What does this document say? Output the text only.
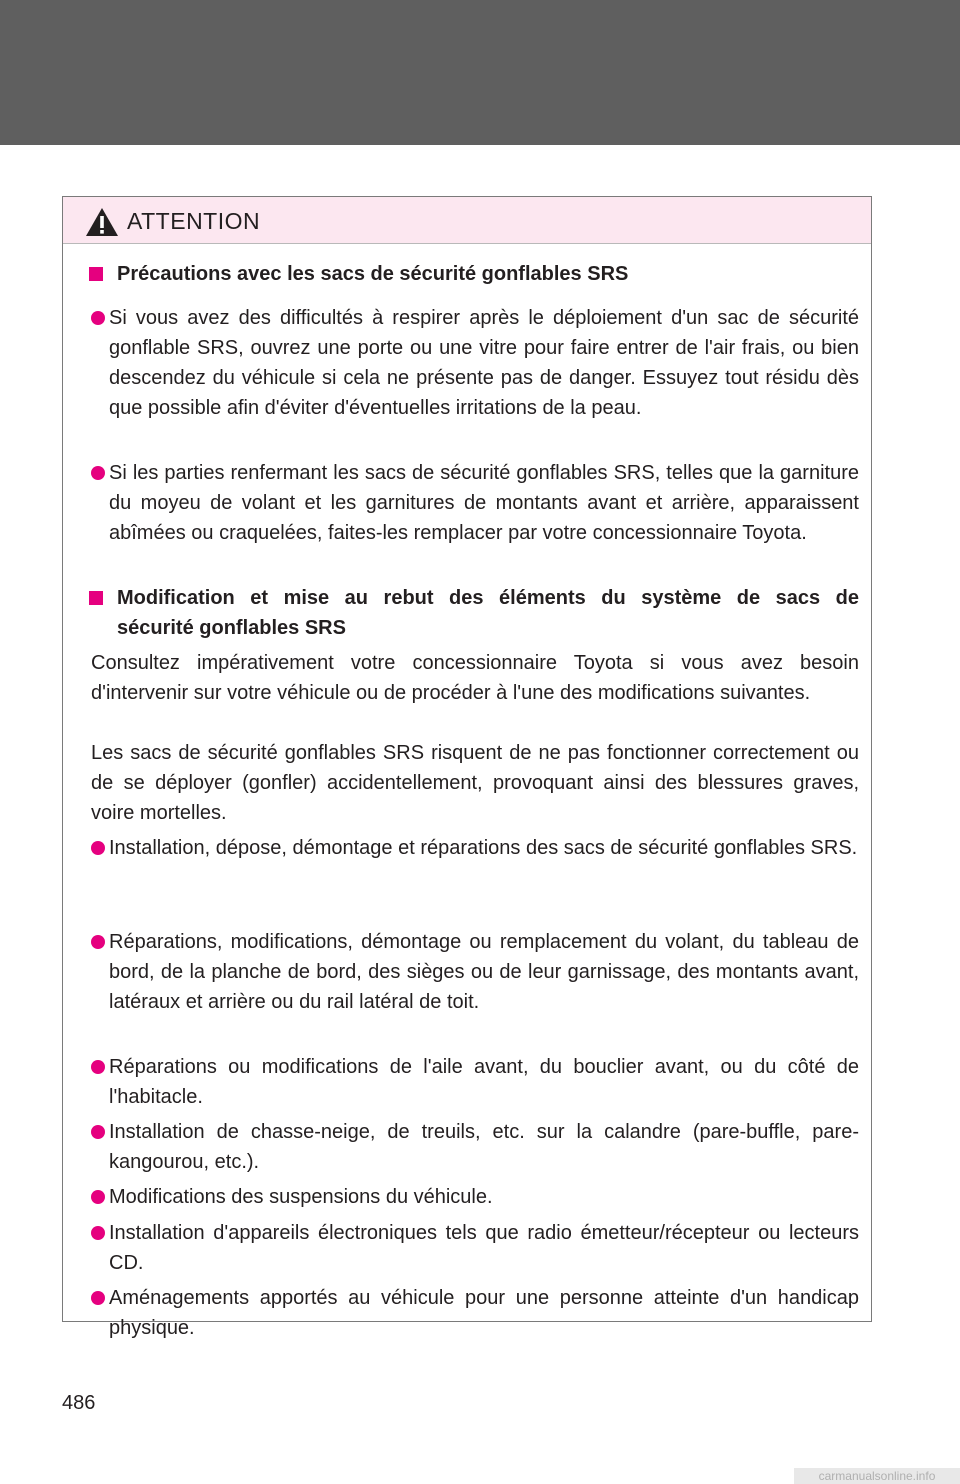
ATTENTION
Précautions avec les sacs de sécurité gonflables SRS
Si vous avez des difficultés à respirer après le déploiement d'un sac de sécurité gonflable SRS, ouvrez une porte ou une vitre pour faire entrer de l'air frais, ou bien descendez du véhicule si cela ne présente pas de danger. Essuyez tout résidu dès que possible afin d'éviter d'éventuelles irritations de la peau.
Si les parties renfermant les sacs de sécurité gonflables SRS, telles que la garniture du moyeu de volant et les garnitures de montants avant et arrière, apparaissent abîmées ou craquelées, faites-les remplacer par votre concessionnaire Toyota.
Modification et mise au rebut des éléments du système de sacs de
sécurité gonflables SRS
Consultez impérativement votre concessionnaire Toyota si vous avez besoin d'intervenir sur votre véhicule ou de procéder à l'une des modifications suivantes.
Les sacs de sécurité gonflables SRS risquent de ne pas fonctionner correctement ou de se déployer (gonfler) accidentellement, provoquant ainsi des blessures graves, voire mortelles.
Installation, dépose, démontage et réparations des sacs de sécurité gonflables SRS.
Réparations, modifications, démontage ou remplacement du volant, du tableau de bord, de la planche de bord, des sièges ou de leur garnissage, des montants avant, latéraux et arrière ou du rail latéral de toit.
Réparations ou modifications de l'aile avant, du bouclier avant, ou du côté de l'habitacle.
Installation de chasse-neige, de treuils, etc. sur la calandre (pare-buffle, pare-kangourou, etc.).
Modifications des suspensions du véhicule.
Installation d'appareils électroniques tels que radio émetteur/récepteur ou lecteurs CD.
Aménagements apportés au véhicule pour une personne atteinte d'un handicap physique.
486
carmanualsonline.info
